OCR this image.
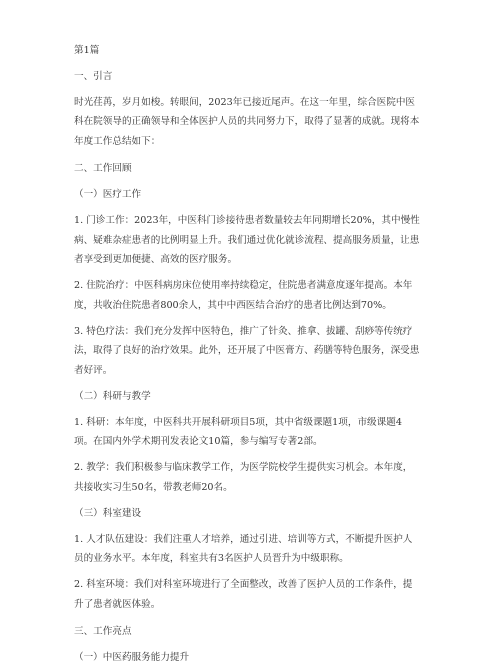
第1篇

一、引言

时光荏苒，岁月如梭。转眼间，2023年已接近尾声。在这一年里，综合医院中医

科在院领导的正确领导和全体医护人员的共同努力下，取得了显著的成就。现将本

年度工作总结如下：

二、工作回顾

（一）医疗工作

1. 门诊工作：2023年，中医科门诊接待患者数量较去年同期增长20%，其中慢性

病、疑难杂症患者的比例明显上升。我们通过优化就诊流程、提高服务质量，让患

者享受到更加便捷、高效的医疗服务。

2. 住院治疗：中医科病房床位使用率持续稳定，住院患者满意度逐年提高。本年

度，共收治住院患者800余人，其中中西医结合治疗的患者比例达到70%。

3. 特色疗法：我们充分发挥中医特色，推广了针灸、推拿、拔罐、刮痧等传统疗

法，取得了良好的治疗效果。此外，还开展了中医膏方、药膳等特色服务，深受患

者好评。

（二）科研与教学

1. 科研：本年度，中医科共开展科研项目5项，其中省级课题1项，市级课题4

项。在国内外学术期刊发表论文10篇，参与编写专著2部。

2. 教学：我们积极参与临床教学工作，为医学院校学生提供实习机会。本年度，

共接收实习生50名，带教老师20名。

（三）科室建设

1. 人才队伍建设：我们注重人才培养，通过引进、培训等方式，不断提升医护人

员的业务水平。本年度，科室共有3名医护人员晋升为中级职称。

2. 科室环境：我们对科室环境进行了全面整改，改善了医护人员的工作条件，提

升了患者就医体验。

三、工作亮点

（一）中医药服务能力提升
